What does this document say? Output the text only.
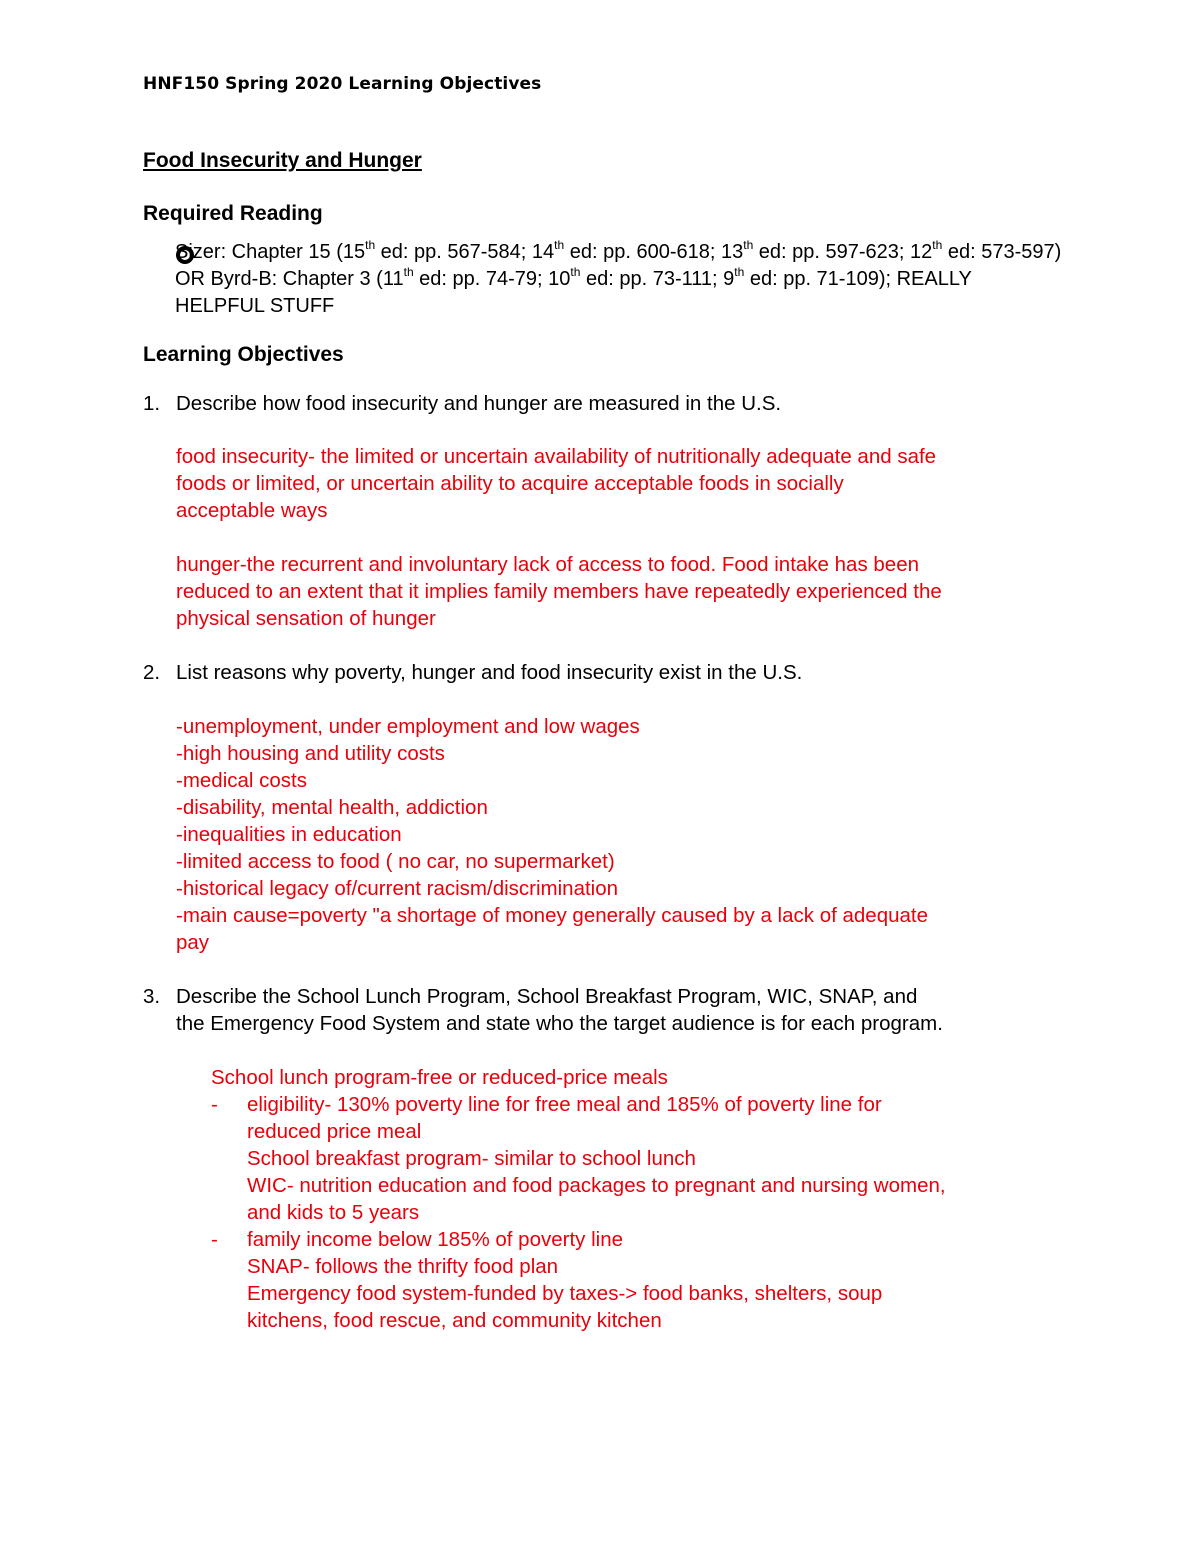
HNF150 Spring 2020 Learning Objectives
Food Insecurity and Hunger
Required Reading
Sizer: Chapter 15 (15th ed: pp. 567-584; 14th ed: pp. 600-618; 13th ed: pp. 597-623; 12th ed: 573-597) OR Byrd-B: Chapter 3 (11th ed: pp. 74-79; 10th ed: pp. 73-111; 9th ed: pp. 71-109); REALLY HELPFUL STUFF
Learning Objectives
1. Describe how food insecurity and hunger are measured in the U.S.
food insecurity- the limited or uncertain availability of nutritionally adequate and safe
foods or limited, or uncertain ability to acquire acceptable foods in socially
acceptable ways
hunger-the recurrent and involuntary lack of access to food. Food intake has been
reduced to an extent that it implies family members have repeatedly experienced the
physical sensation of hunger
2. List reasons why poverty, hunger and food insecurity exist in the U.S.
-unemployment, under employment and low wages
-high housing and utility costs
-medical costs
-disability, mental health, addiction
-inequalities in education
-limited access to food ( no car, no supermarket)
-historical legacy of/current racism/discrimination
-main cause=poverty "a shortage of money generally caused by a lack of adequate
pay
3. Describe the School Lunch Program, School Breakfast Program, WIC, SNAP, and
the Emergency Food System and state who the target audience is for each program.
School lunch program-free or reduced-price meals
- eligibility- 130% poverty line for free meal and 185% of poverty line for
reduced price meal
School breakfast program- similar to school lunch
WIC- nutrition education and food packages to pregnant and nursing women,
and kids to 5 years
- family income below 185% of poverty line
SNAP- follows the thrifty food plan
Emergency food system-funded by taxes-> food banks, shelters, soup
kitchens, food rescue, and community kitchen
